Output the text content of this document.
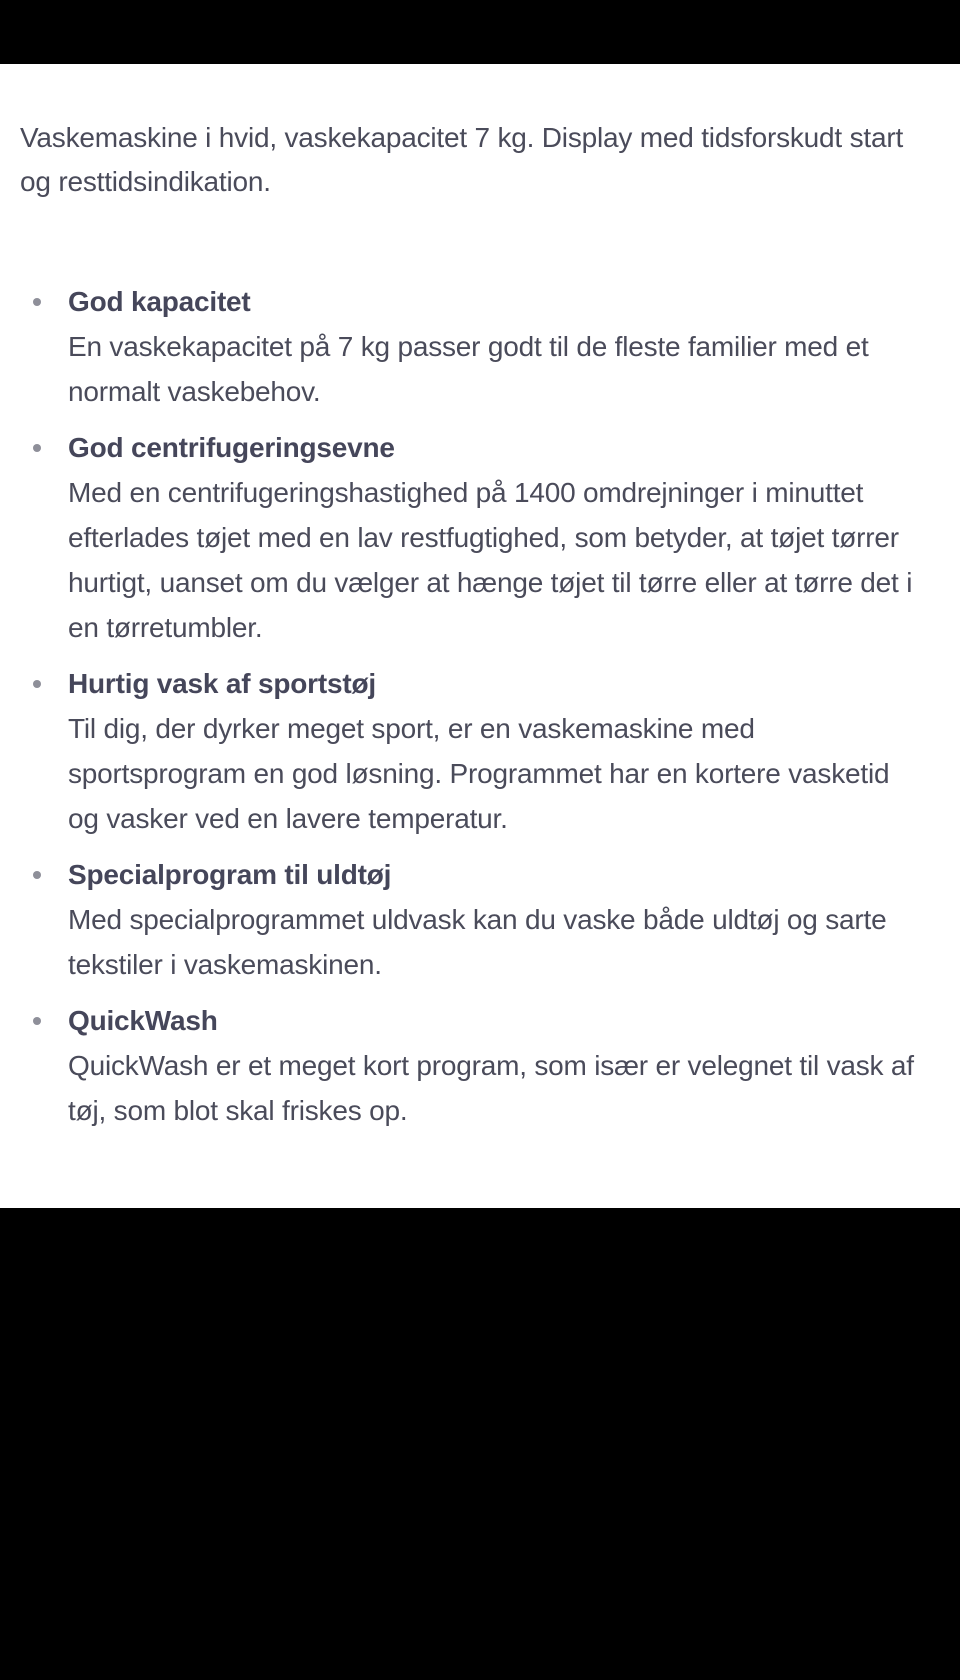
Vaskemaskine i hvid, vaskekapacitet 7 kg. Display med tidsforskudt start og resttidsindikation.

God kapacitet
En vaskekapacitet på 7 kg passer godt til de fleste familier med et normalt vaskebehov.
God centrifugeringsevne
Med en centrifugeringshastighed på 1400 omdrejninger i minuttet efterlades tøjet med en lav restfugtighed, som betyder, at tøjet tørrer hurtigt, uanset om du vælger at hænge tøjet til tørre eller at tørre det i en tørretumbler.
Hurtig vask af sportstøj
Til dig, der dyrker meget sport, er en vaskemaskine med sportsprogram en god løsning. Programmet har en kortere vasketid og vasker ved en lavere temperatur.
Specialprogram til uldtøj
Med specialprogrammet uldvask kan du vaske både uldtøj og sarte tekstiler i vaskemaskinen.
QuickWash
QuickWash er et meget kort program, som især er velegnet til vask af tøj, som blot skal friskes op.
